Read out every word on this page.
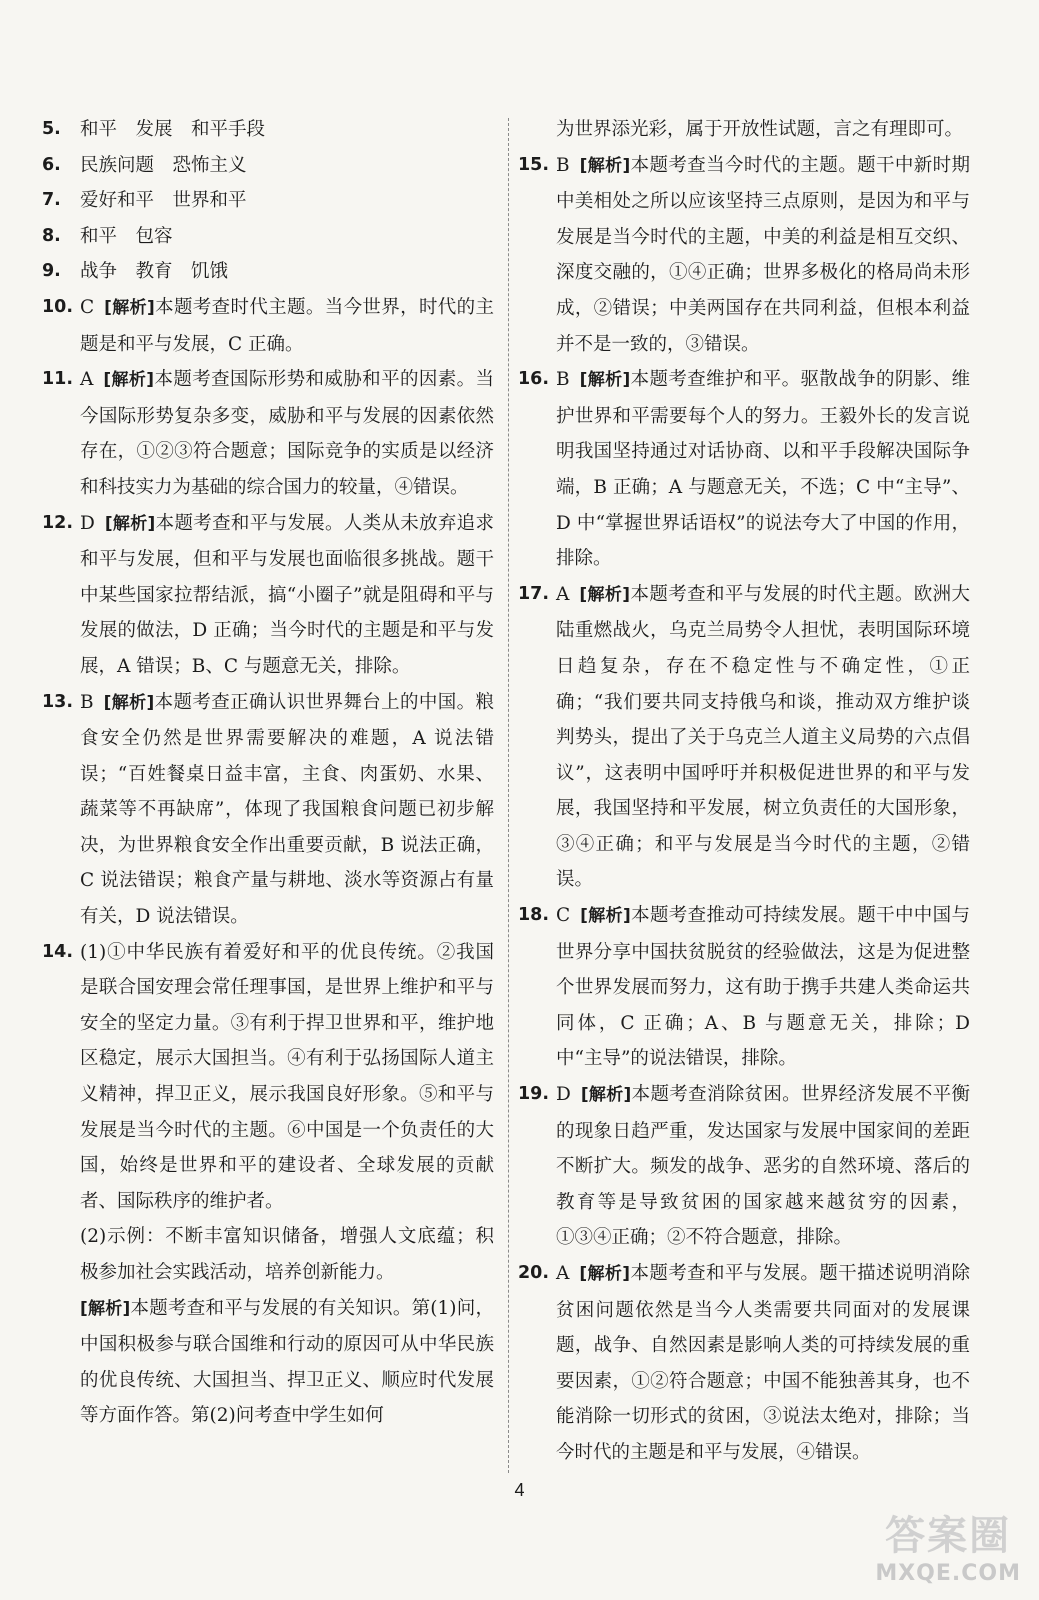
5.	和平　发展　和平手段
6.	民族问题　恐怖主义
7.	爱好和平　世界和平
8.	和平　包容
9.	战争　教育　饥饿
10. C [解析]本题考查时代主题。当今世界，时代的主题是和平与发展，C 正确。
11. A [解析]本题考查国际形势和威胁和平的因素。当今国际形势复杂多变，威胁和平与发展的因素依然存在，①②③符合题意；国际竞争的实质是以经济和科技实力为基础的综合国力的较量，④错误。
12. D [解析]本题考查和平与发展。人类从未放弃追求和平与发展，但和平与发展也面临很多挑战。题干中某些国家拉帮结派，搞“小圈子”就是阻碍和平与发展的做法，D 正确；当今时代的主题是和平与发展，A 错误；B、C 与题意无关，排除。
13. B [解析]本题考查正确认识世界舞台上的中国。粮食安全仍然是世界需要解决的难题，A 说法错误；“百姓餐桌日益丰富，主食、肉蛋奶、水果、蔬菜等不再缺席”，体现了我国粮食问题已初步解决，为世界粮食安全作出重要贡献，B 说法正确，C 说法错误；粮食产量与耕地、淡水等资源占有量有关，D 说法错误。
14. (1)①中华民族有着爱好和平的优良传统。②我国是联合国安理会常任理事国，是世界上维护和平与安全的坚定力量。③有利于捍卫世界和平，维护地区稳定，展示大国担当。④有利于弘扬国际人道主义精神，捍卫正义，展示我国良好形象。⑤和平与发展是当今时代的主题。⑥中国是一个负责任的大国，始终是世界和平的建设者、全球发展的贡献者、国际秩序的维护者。
(2)示例：不断丰富知识储备，增强人文底蕴；积极参加社会实践活动，培养创新能力。
[解析]本题考查和平与发展的有关知识。第(1)问，中国积极参与联合国维和行动的原因可从中华民族的优良传统、大国担当、捍卫正义、顺应时代发展等方面作答。第(2)问考查中学生如何
为世界添光彩，属于开放性试题，言之有理即可。
15. B [解析]本题考查当今时代的主题。题干中新时期中美相处之所以应该坚持三点原则，是因为和平与发展是当今时代的主题，中美的利益是相互交织、深度交融的，①④正确；世界多极化的格局尚未形成，②错误；中美两国存在共同利益，但根本利益并不是一致的，③错误。
16. B [解析]本题考查维护和平。驱散战争的阴影、维护世界和平需要每个人的努力。王毅外长的发言说明我国坚持通过对话协商、以和平手段解决国际争端，B 正确；A 与题意无关，不选；C 中“主导”、D 中“掌握世界话语权”的说法夸大了中国的作用，排除。
17. A [解析]本题考查和平与发展的时代主题。欧洲大陆重燃战火，乌克兰局势令人担忧，表明国际环境日趋复杂，存在不稳定性与不确定性，①正确；“我们要共同支持俄乌和谈，推动双方维护谈判势头，提出了关于乌克兰人道主义局势的六点倡议”，这表明中国呼吁并积极促进世界的和平与发展，我国坚持和平发展，树立负责任的大国形象，③④正确；和平与发展是当今时代的主题，②错误。
18. C [解析]本题考查推动可持续发展。题干中中国与世界分享中国扶贫脱贫的经验做法，这是为促进整个世界发展而努力，这有助于携手共建人类命运共同体，C 正确；A、B 与题意无关，排除；D 中“主导”的说法错误，排除。
19. D [解析]本题考查消除贫困。世界经济发展不平衡的现象日趋严重，发达国家与发展中国家间的差距不断扩大。频发的战争、恶劣的自然环境、落后的教育等是导致贫困的国家越来越贫穷的因素，①③④正确；②不符合题意，排除。
20. A [解析]本题考查和平与发展。题干描述说明消除贫困问题依然是当今人类需要共同面对的发展课题，战争、自然因素是影响人类的可持续发展的重要因素，①②符合题意；中国不能独善其身，也不能消除一切形式的贫困，③说法太绝对，排除；当今时代的主题是和平与发展，④错误。
4
答案圈
MXQE.COM
